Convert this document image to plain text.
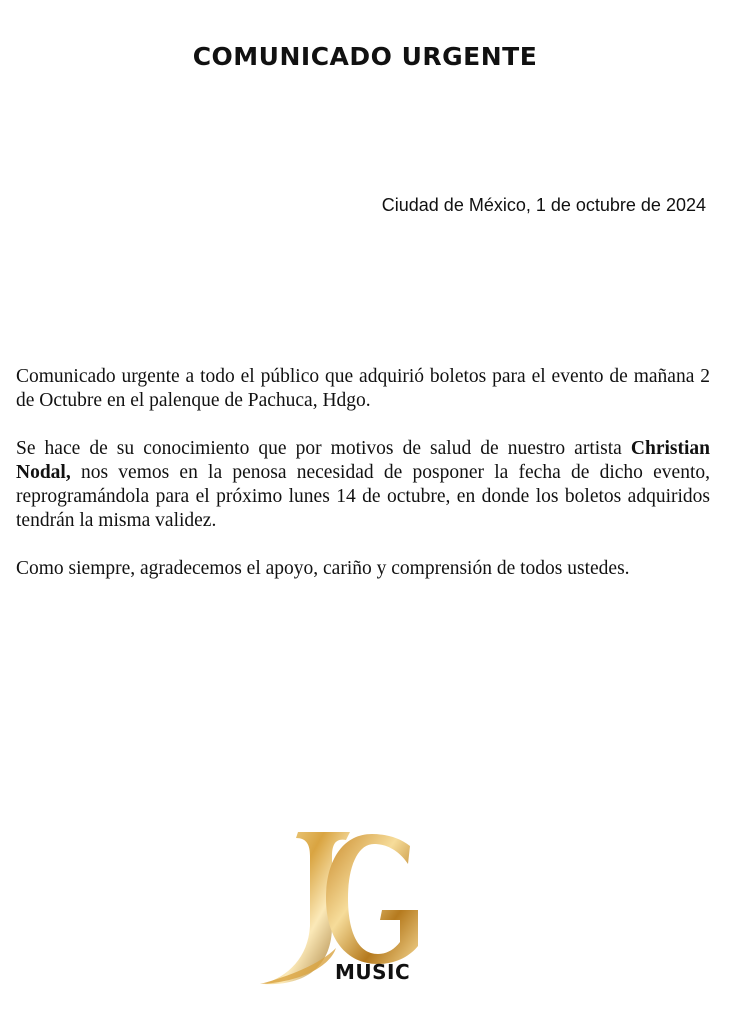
COMUNICADO URGENTE
Ciudad de México, 1 de octubre de 2024

Comunicado urgente a todo el público que adquirió boletos para el evento de mañana 2 de Octubre en el palenque de Pachuca, Hdgo.

Se hace de su conocimiento que por motivos de salud de nuestro artista Christian Nodal, nos vemos en la penosa necesidad de posponer la fecha de dicho evento, reprogramándola para el próximo lunes 14 de octubre, en donde los boletos adquiridos tendrán la misma validez.

Como siempre, agradecemos el apoyo, cariño y comprensión de todos ustedes.

MUSIC
